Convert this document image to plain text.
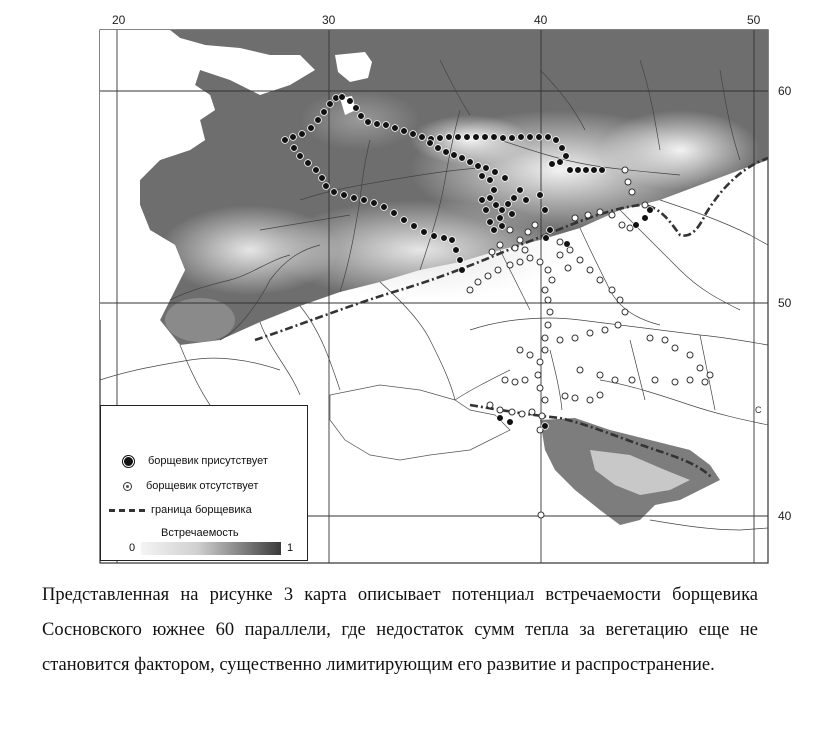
С
20	30	40	50
60
50
40
борщевик присутствует
борщевик отсутствует
граница борщевика
Встречаемость
0	1

Представленная на рисунке 3 карта описывает потенциал встречаемости борщевика Сосновского южнее 60 параллели, где недостаток сумм тепла за вегетацию еще не становится фактором, существенно лимитирующим его развитие и распространение.
